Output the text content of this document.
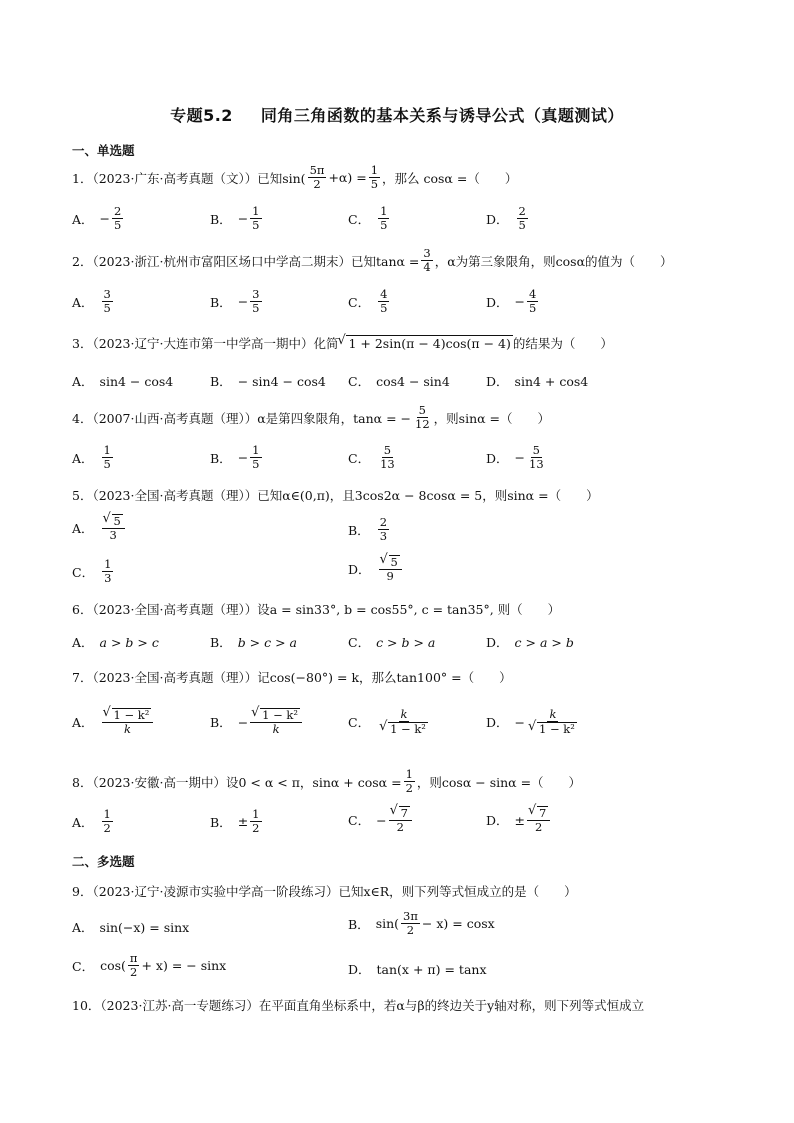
专题5.2 同角三角函数的基本关系与诱导公式（真题测试）
一、单选题
1．（2023·广东·高考真题（文））已知$\sin( \frac{5\pi}{2} +\alpha) = \frac{1}{5}$ ，那么 cosα =（　　）
A． − $\frac{2}{5}$	B． − $\frac{1}{5}$	C． $\frac{1}{5}$	D． $\frac{2}{5}$
2．（2023·浙江·杭州市富阳区场口中学高二期末）已知$\tan\alpha = \frac{3}{4}$ ，α为第三象限角，则cosα的值为（　　）
A． $\frac{3}{5}$	B． − $\frac{3}{5}$	C． $\frac{4}{5}$	D． − $\frac{4}{5}$
3．（2023·辽宁·大连市第一中学高一期中）化简 √ 1 + 2sin(π − 4)cos(π − 4) 的结果为（　　）
A． sin4 − cos4	B． − sin4 − cos4 C． cos4 − sin4	D． sin4 + cos4
4．（2007·山西·高考真题（理））α是第四象限角，tanα = − $\frac{5}{12}$ ，则sinα =（　　）
A． $\frac{1}{5}$	B． − $\frac{1}{5}$	C． $\frac{5}{13}$	D． − $\frac{5}{13}$
5．（2023·全国·高考真题（理））已知α∈(0,π)，且3cos2α − 8cosα = 5，则sinα =（　　）
A． √ $\frac{5}{3}$	B． $\frac{2}{3}$
C． $\frac{1}{3}$	D． √ $\frac{5}{9}$
6．（2023·全国·高考真题（理））设a = sin33°, b = cos55°, c = tan35°, 则（　　）
A． a > b > c	B． b > c > a	C． c > b > a	D． c > a > b
7．（2023·全国·高考真题（理））记cos(−80°) = k，那么tan100° =（　　）
A． √ $\frac{\text{1 − k²}}{k}$	B． − √ $\frac{\text{1 − k²}}{k}$	C． k
√ 1 − k²	D． − k
√ 1 − k²
8．（2023·安徽·高一期中）设0 < α < π，$\sin\alpha + \cos\alpha = \frac{1}{2}$ ，则cosα − sinα =（　　）
A． $\frac{1}{2}$	B． ± $\frac{1}{2}$	C． − √ $\frac{7}{2}$	D． ± √ $\frac{7}{2}$
二、多选题
9．（2023·辽宁·凌源市实验中学高一阶段练习）已知x∈R，则下列等式恒成立的是（　　）
A． sin(−x) = sinx	B． $\sin( \frac{3\pi}{2} - x) = \cos x$
C． $\cos( \frac{\pi}{2} + x)$ = − sinx	D． tan(x + π) = tanx
10．（2023·江苏·高一专题练习）在平面直角坐标系中，若α与β的终边关于y轴对称，则下列等式恒成立
